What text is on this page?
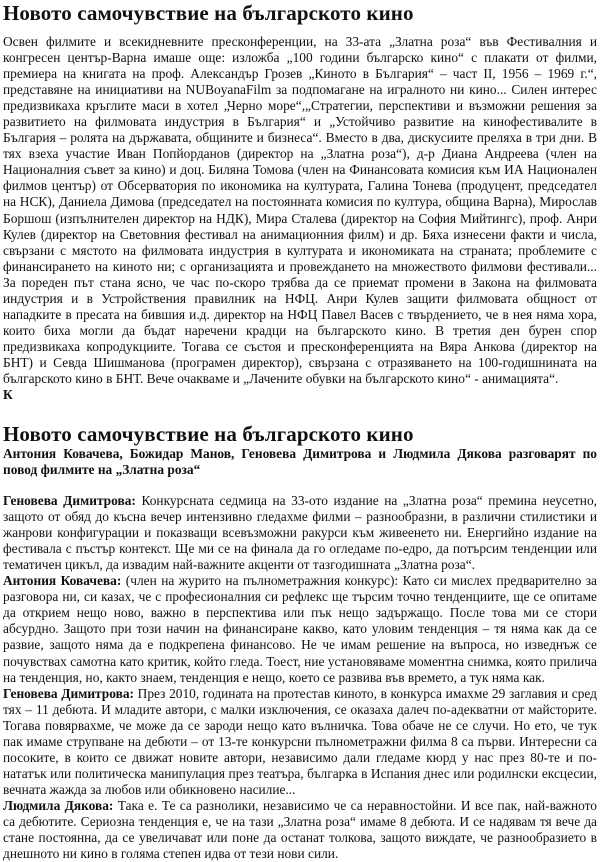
Новото самочувствие на българското кино

Освен филмите и всекидневните пресконференции, на 33-ата „Златна роза“ във Фестивалния и конгресен център-Варна имаше още: изложба „100 години българско кино“ с плакати от филми, премиера на книгата на проф. Александър Грозев „Киното в България“ – част II, 1956 – 1969 г.“, представяне на инициативи на NUBoyanaFilm за подпомагане на игралното ни кино... Силен интерес предизвикаха кръглите маси в хотел „Черно море“,„Стратегии, перспективи и възможни решения за развитието на филмовата индустрия в България“ и „Устойчиво развитие на кинофестивалите в България – ролята на държавата, общините и бизнеса“. Вместо в два, дискусиите преляха в три дни. В тях взеха участие Иван Попйорданов (директор на „Златна роза“), д-р Диана Андреева (член на Националния съвет за кино) и доц. Биляна Томова (член на Финансовата комисия към ИА Национален филмов център) от Обсерватория по икономика на културата, Галина Тонева (продуцент, председател на НСК), Даниела Димова (председател на постоянната комисия по култура, община Варна), Мирослав Боршош (изпълнителен директор на НДК), Мира Сталева (директор на София Мийтингс), проф. Анри Кулев (директор на Световния фестивал на анимационния филм) и др. Бяха изнесени факти и числа, свързани с мястото на филмовата индустрия в културата и икономиката на страната; проблемите с финансирането на киното ни; с организацията и провеждането на множеството филмови фестивали... За пореден път стана ясно, че час по-скоро трябва да се приемат промени в Закона на филмовата индустрия и в Устройствения правилник на НФЦ. Анри Кулев защити филмовата общност от нападките в пресата на бившия и.д. директор на НФЦ Павел Васев с твърдението, че в нея няма хора, които биха могли да бъдат наречени крадци на българското кино. В третия ден бурен спор предизвикаха копродукциите. Тогава се състоя и пресконференцията на Вяра Анкова (директор на БНТ) и Севда Шишманова (програмен директор), свързана с отразяването на 100-годишнината на българското кино в БНТ. Вече очакваме и „Лачените обувки на българското кино“ - анимацията“.

К

Новото самочувствие на българското кино

Антония Ковачева, Божидар Манов, Геновева Димитрова и Людмила Дякова разговарят по повод филмите на „Златна роза“

Геновева Димитрова: Конкурсната седмица на 33-ото издание на „Златна роза“ премина неусетно, защото от обяд до късна вечер интензивно гледахме филми – разнообразни, в различни стилистики и жанрови конфигурации и показващи всевъзможни ракурси към живеенето ни. Енергийно издание на фестивала с пъстър контекст. Ще ми се на финала да го огледаме по-едро, да потърсим тенденции или тематичен цикъл, да извадим най-важните акценти от тазгодишната „Златна роза“.

Антония Ковачева: (член на журито на пълнометражния конкурс): Като си мислех предварително за разговора ни, си казах, че с професионалния си рефлекс ще търсим точно тенденциите, ще се опитаме да открием нещо ново, важно в перспектива или пък нещо задържащо. После това ми се стори абсурдно. Защото при този начин на финансиране какво, като уловим тенденция – тя няма как да се развие, защото няма да е подкрепена финансово. Не че имам решение на въпроса, но изведнъж се почувствах самотна като критик, който гледа. Тоест, ние установяваме моментна снимка, която прилича на тенденция, но, както знаем, тенденция е нещо, което се развива във времето, а тук няма как.

Геновева Димитрова: През 2010, годината на протестав киното, в конкурса имахме 29 заглавия и сред тях – 11 дебюта. И младите автори, с малки изключения, се оказаха далеч по-адекватни от майсторите. Тогава повярвахме, че може да се зароди нещо като вълничка. Това обаче не се случи. Но ето, че тук пак имаме струпване на дебюти – от 13-те конкурсни пълнометражни филма 8 са първи. Интересни са посоките, в които се движат новите автори, независимо дали гледаме кюрд у нас през 80-те и по-нататък или политическа манипулация през театъра, българка в Испания днес или родилнски ексцесии, вечната жажда за любов или обикновено насилие...

Людмила Дякова: Така е. Те са разнолики, независимо че са неравностойни. И все пак, най-важното са дебютите. Сериозна тенденция е, че на тази „Златна роза“ имаме 8 дебюта. И се надявам тя вече да стане постоянна, да се увеличават или поне да останат толкова, защото виждате, че разнообразието в днешното ни кино в голяма степен идва от тези нови сили.
